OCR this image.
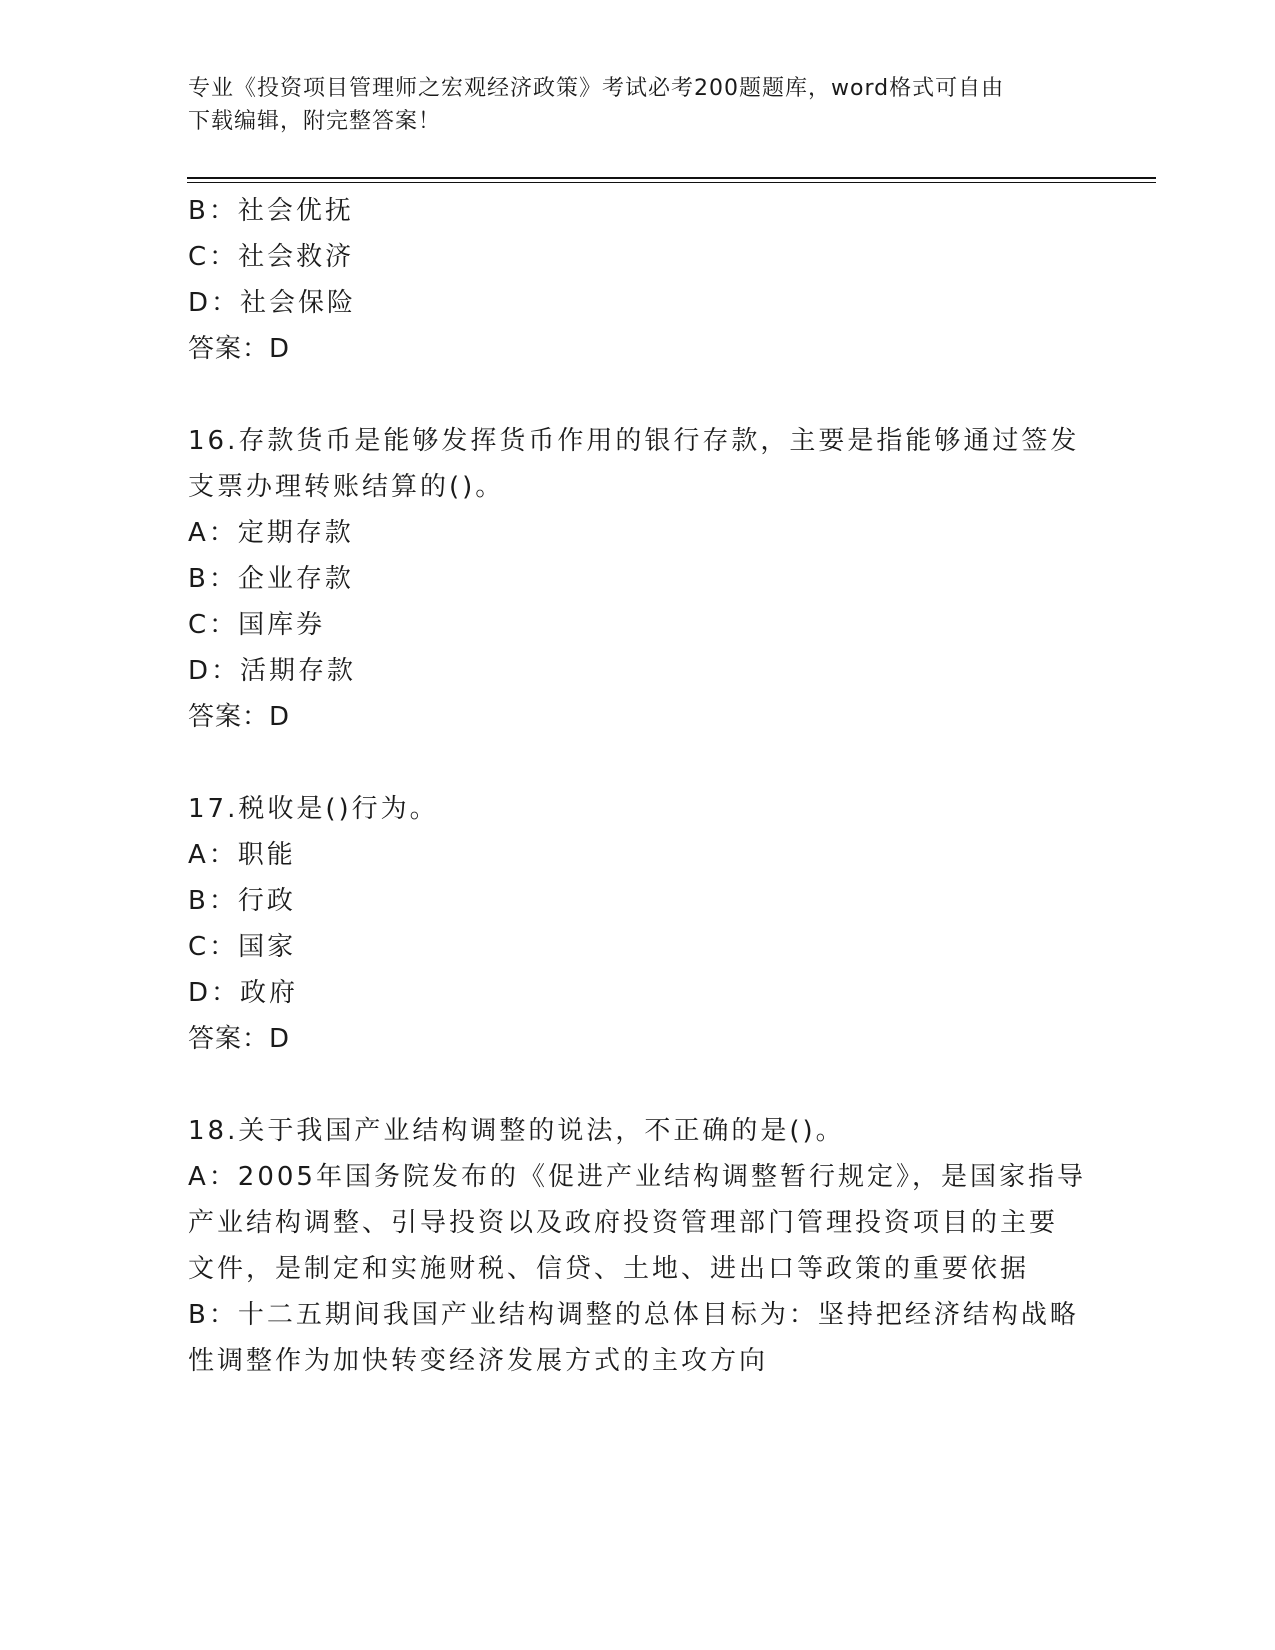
专业《投资项目管理师之宏观经济政策》考试必考200题题库，word格式可自由
下载编辑，附完整答案！
B：社会优抚
C：社会救济
D：社会保险
答案：D
16.存款货币是能够发挥货币作用的银行存款，主要是指能够通过签发
支票办理转账结算的()。
A：定期存款
B：企业存款
C：国库券
D：活期存款
答案：D
17.税收是()行为。
A：职能
B：行政
C：国家
D：政府
答案：D
18.关于我国产业结构调整的说法，不正确的是()。
A：2005年国务院发布的《促进产业结构调整暂行规定》，是国家指导
产业结构调整、引导投资以及政府投资管理部门管理投资项目的主要
文件，是制定和实施财税、信贷、土地、进出口等政策的重要依据
B：十二五期间我国产业结构调整的总体目标为：坚持把经济结构战略
性调整作为加快转变经济发展方式的主攻方向
